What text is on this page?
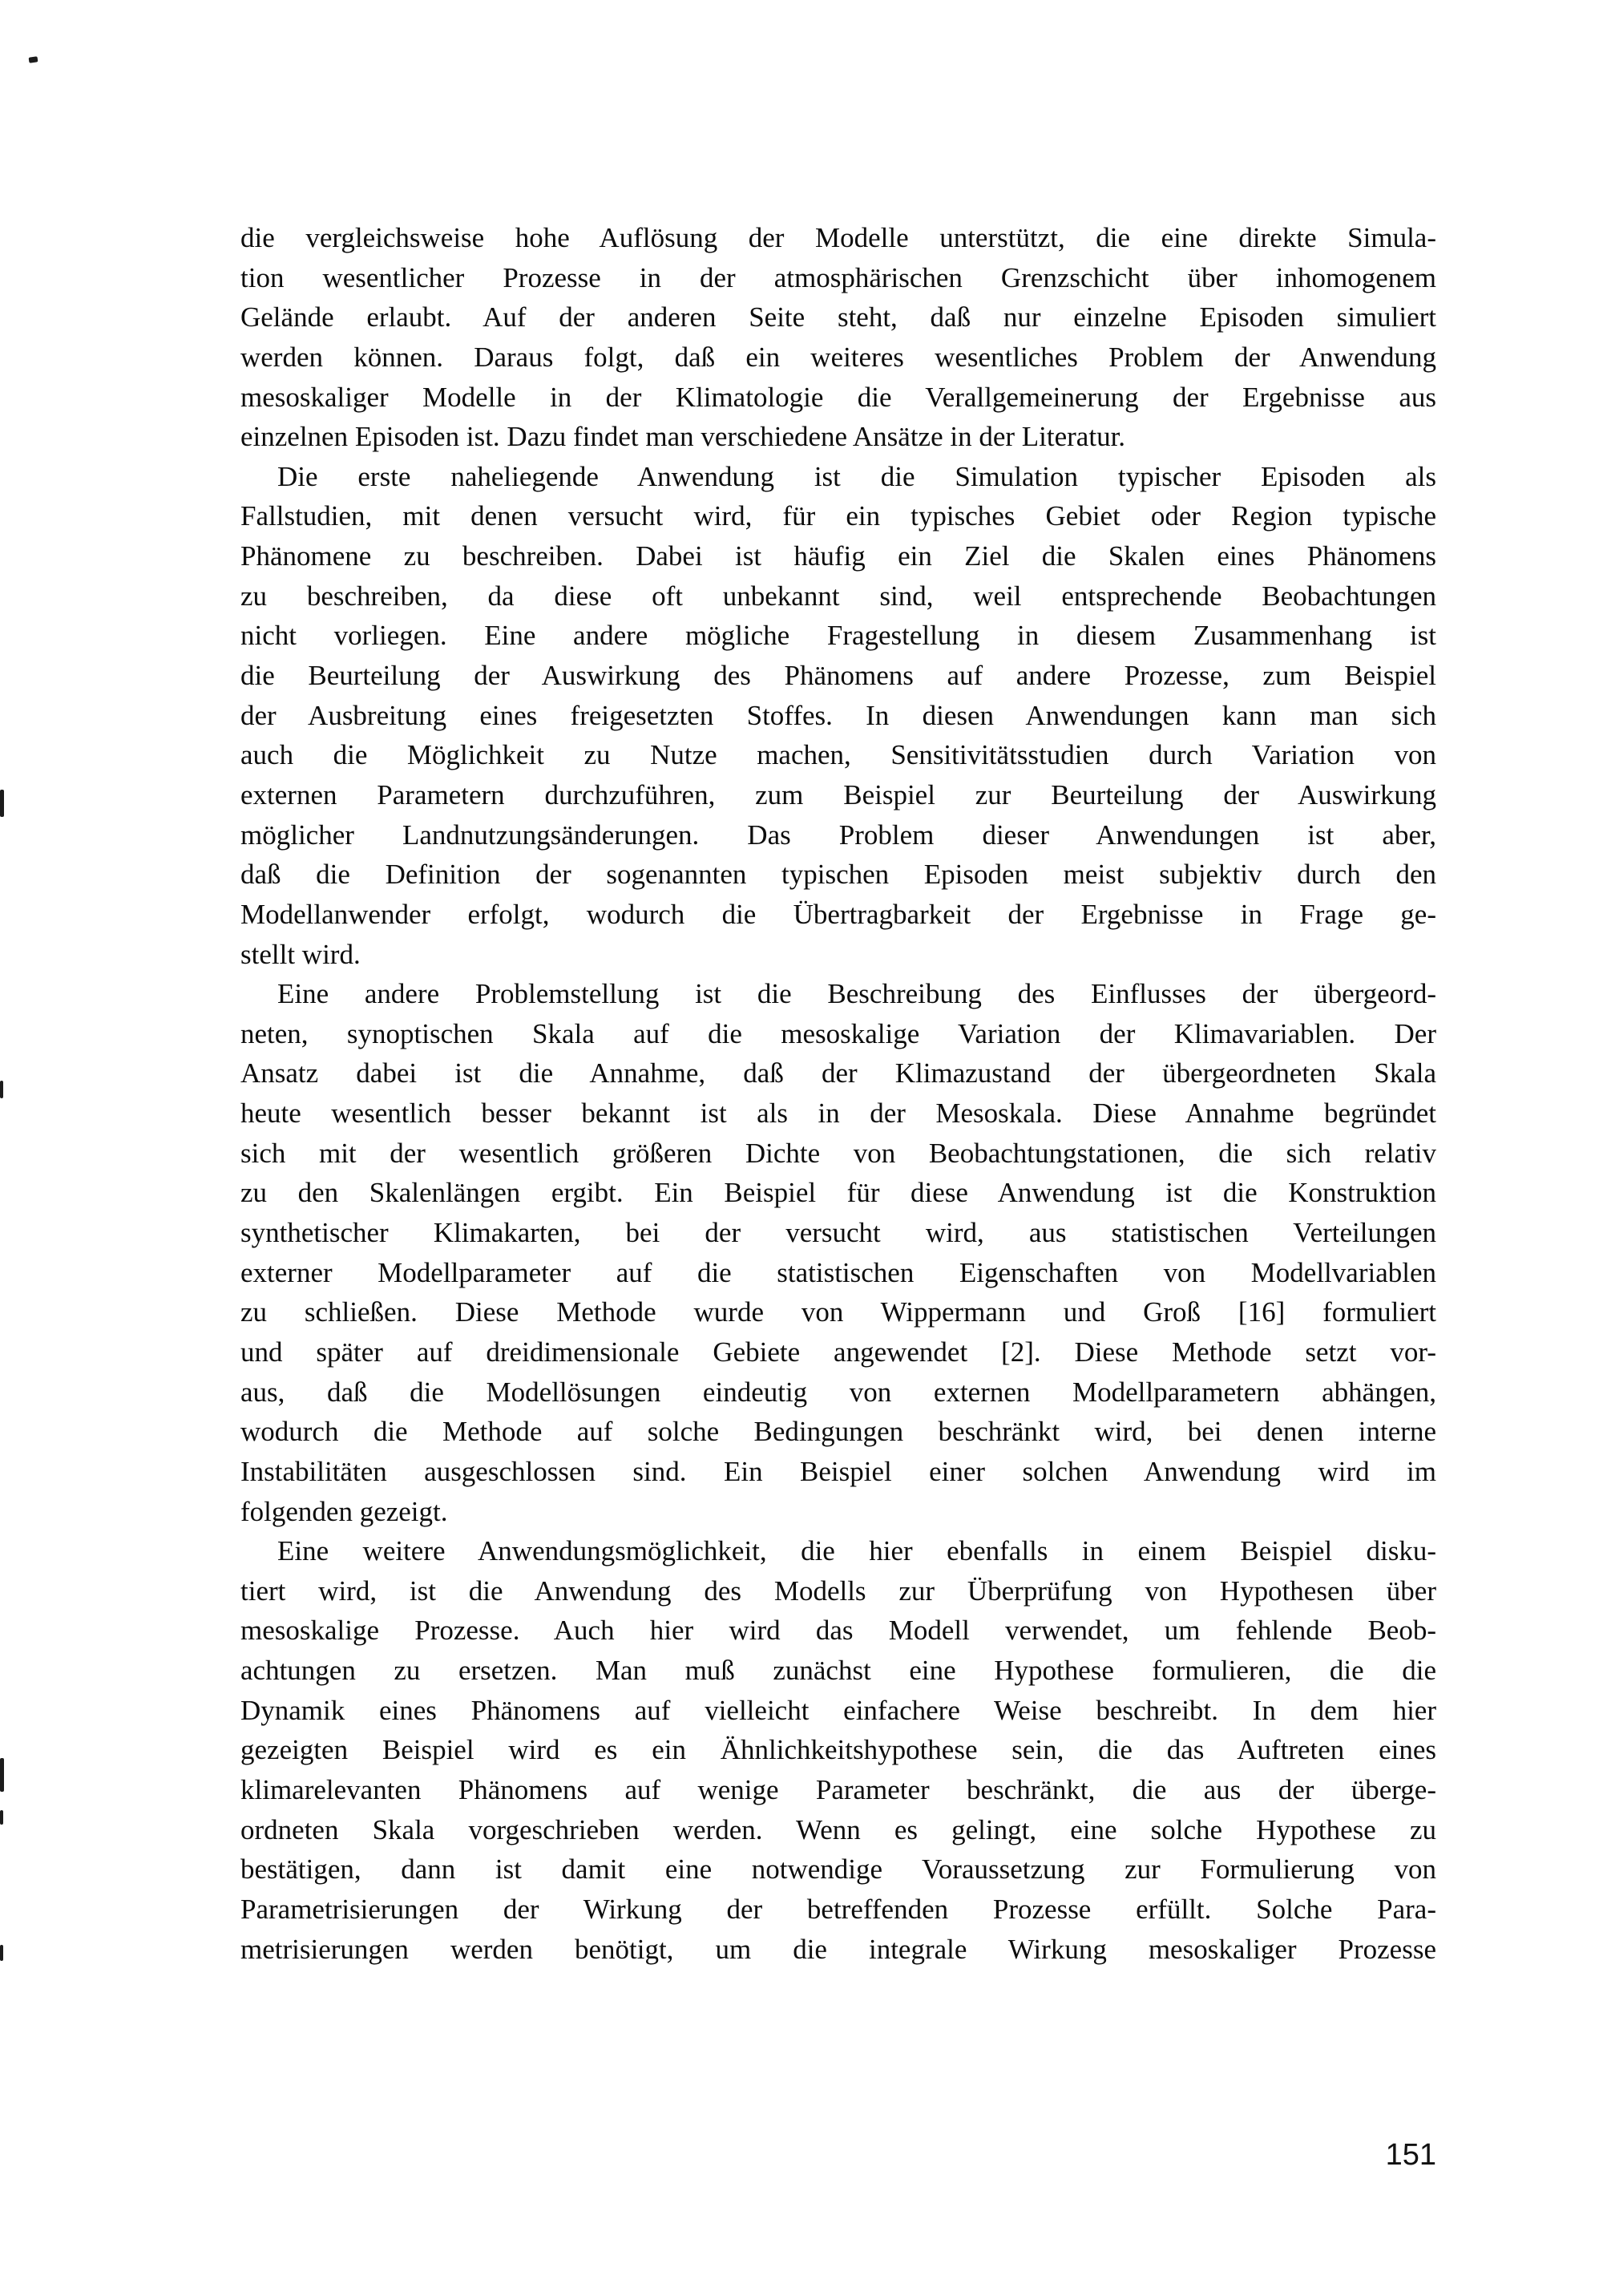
die vergleichsweise hohe Auflösung der Modelle unterstützt, die eine direkte Simula-
tion wesentlicher Prozesse in der atmosphärischen Grenzschicht über inhomogenem
Gelände erlaubt. Auf der anderen Seite steht, daß nur einzelne Episoden simuliert
werden können. Daraus folgt, daß ein weiteres wesentliches Problem der Anwendung
mesoskaliger Modelle in der Klimatologie die Verallgemeinerung der Ergebnisse aus
einzelnen Episoden ist. Dazu findet man verschiedene Ansätze in der Literatur.
Die erste naheliegende Anwendung ist die Simulation typischer Episoden als
Fallstudien, mit denen versucht wird, für ein typisches Gebiet oder Region typische
Phänomene zu beschreiben. Dabei ist häufig ein Ziel die Skalen eines Phänomens
zu beschreiben, da diese oft unbekannt sind, weil entsprechende Beobachtungen
nicht vorliegen. Eine andere mögliche Fragestellung in diesem Zusammenhang ist
die Beurteilung der Auswirkung des Phänomens auf andere Prozesse, zum Beispiel
der Ausbreitung eines freigesetzten Stoffes. In diesen Anwendungen kann man sich
auch die Möglichkeit zu Nutze machen, Sensitivitätsstudien durch Variation von
externen Parametern durchzuführen, zum Beispiel zur Beurteilung der Auswirkung
möglicher Landnutzungsänderungen. Das Problem dieser Anwendungen ist aber,
daß die Definition der sogenannten typischen Episoden meist subjektiv durch den
Modellanwender erfolgt, wodurch die Übertragbarkeit der Ergebnisse in Frage ge-
stellt wird.
Eine andere Problemstellung ist die Beschreibung des Einflusses der übergeord-
neten, synoptischen Skala auf die mesoskalige Variation der Klimavariablen. Der
Ansatz dabei ist die Annahme, daß der Klimazustand der übergeordneten Skala
heute wesentlich besser bekannt ist als in der Mesoskala. Diese Annahme begründet
sich mit der wesentlich größeren Dichte von Beobachtungstationen, die sich relativ
zu den Skalenlängen ergibt. Ein Beispiel für diese Anwendung ist die Konstruktion
synthetischer Klimakarten, bei der versucht wird, aus statistischen Verteilungen
externer Modellparameter auf die statistischen Eigenschaften von Modellvariablen
zu schließen. Diese Methode wurde von Wippermann und Groß [16] formuliert
und später auf dreidimensionale Gebiete angewendet [2]. Diese Methode setzt vor-
aus, daß die Modellösungen eindeutig von externen Modellparametern abhängen,
wodurch die Methode auf solche Bedingungen beschränkt wird, bei denen interne
Instabilitäten ausgeschlossen sind. Ein Beispiel einer solchen Anwendung wird im
folgenden gezeigt.
Eine weitere Anwendungsmöglichkeit, die hier ebenfalls in einem Beispiel disku-
tiert wird, ist die Anwendung des Modells zur Überprüfung von Hypothesen über
mesoskalige Prozesse. Auch hier wird das Modell verwendet, um fehlende Beob-
achtungen zu ersetzen. Man muß zunächst eine Hypothese formulieren, die die
Dynamik eines Phänomens auf vielleicht einfachere Weise beschreibt. In dem hier
gezeigten Beispiel wird es ein Ähnlichkeitshypothese sein, die das Auftreten eines
klimarelevanten Phänomens auf wenige Parameter beschränkt, die aus der überge-
ordneten Skala vorgeschrieben werden. Wenn es gelingt, eine solche Hypothese zu
bestätigen, dann ist damit eine notwendige Voraussetzung zur Formulierung von
Parametrisierungen der Wirkung der betreffenden Prozesse erfüllt. Solche Para-
metrisierungen werden benötigt, um die integrale Wirkung mesoskaliger Prozesse
151
